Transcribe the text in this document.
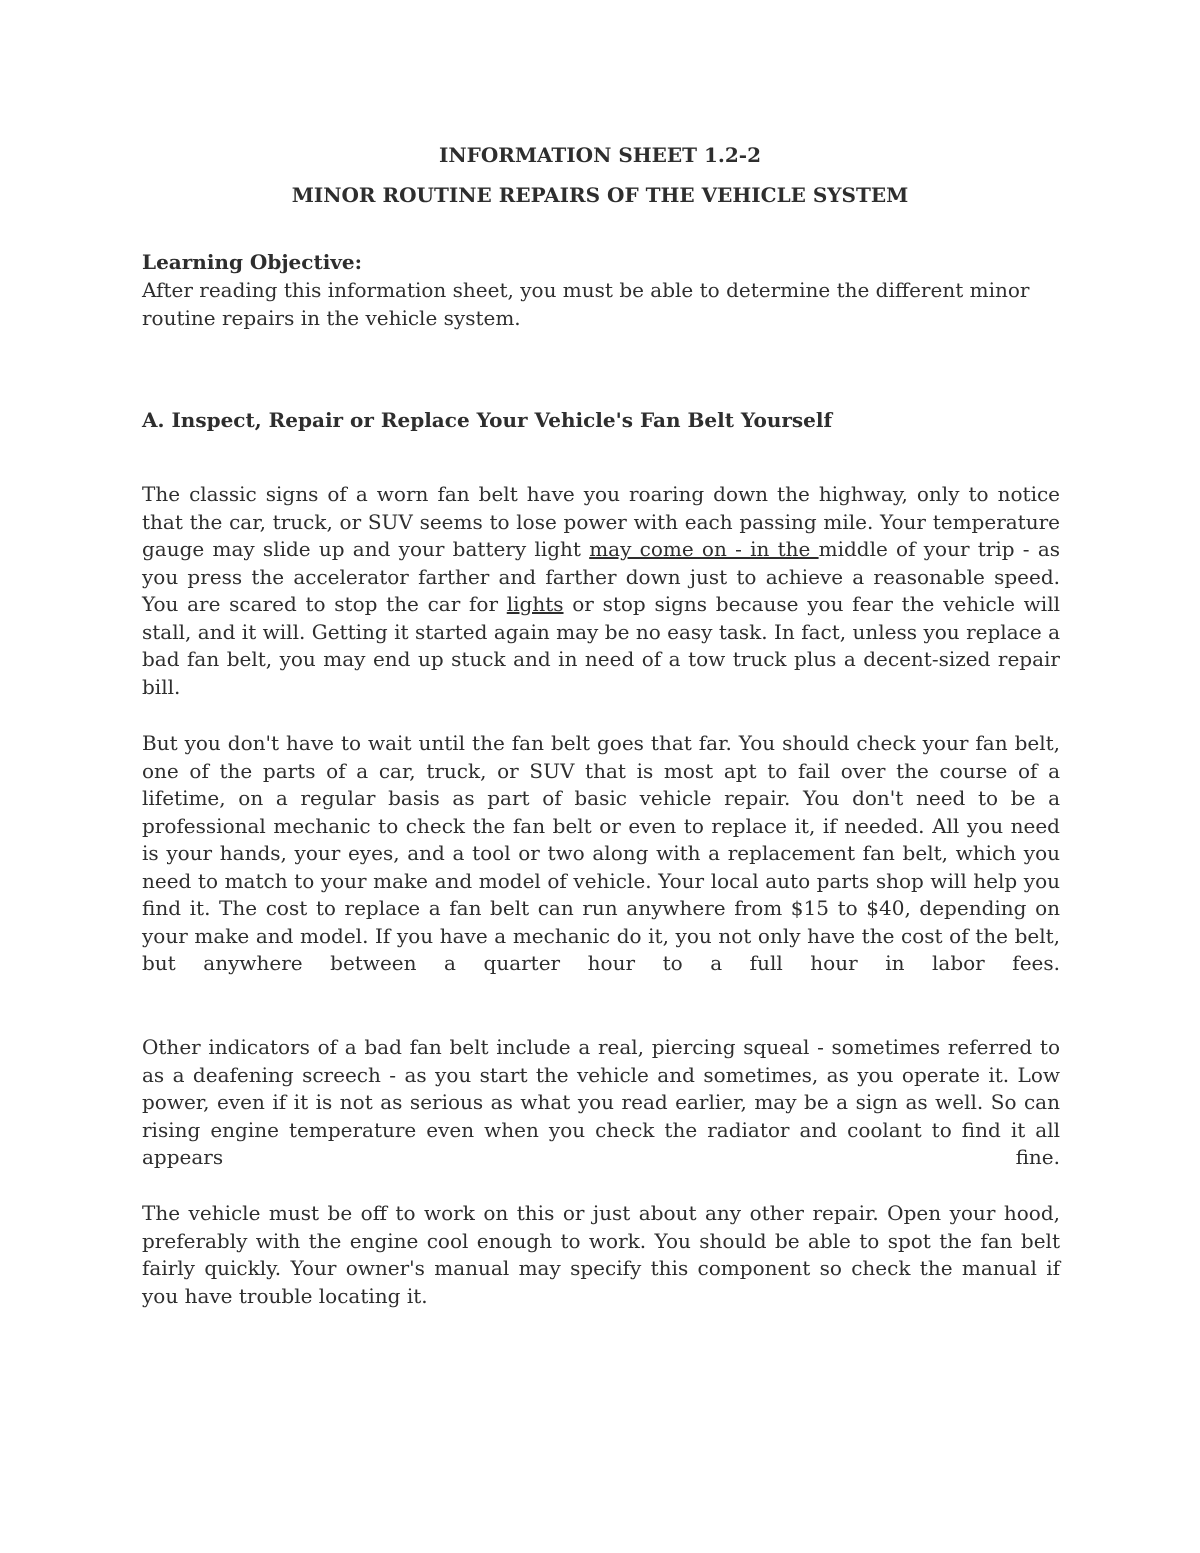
INFORMATION SHEET 1.2-2
MINOR ROUTINE REPAIRS OF THE VEHICLE SYSTEM
Learning Objective:
After reading this information sheet, you must be able to determine the different minor routine repairs in the vehicle system.
A. Inspect, Repair or Replace Your Vehicle's Fan Belt Yourself
The classic signs of a worn fan belt have you roaring down the highway, only to notice that the car, truck, or SUV seems to lose power with each passing mile. Your temperature gauge may slide up and your battery light may come on - in the middle of your trip - as you press the accelerator farther and farther down just to achieve a reasonable speed. You are scared to stop the car for lights or stop signs because you fear the vehicle will stall, and it will. Getting it started again may be no easy task. In fact, unless you replace a bad fan belt, you may end up stuck and in need of a tow truck plus a decent-sized repair bill.
But you don't have to wait until the fan belt goes that far. You should check your fan belt, one of the parts of a car, truck, or SUV that is most apt to fail over the course of a lifetime, on a regular basis as part of basic vehicle repair. You don't need to be a professional mechanic to check the fan belt or even to replace it, if needed. All you need is your hands, your eyes, and a tool or two along with a replacement fan belt, which you need to match to your make and model of vehicle. Your local auto parts shop will help you find it. The cost to replace a fan belt can run anywhere from $15 to $40, depending on your make and model. If you have a mechanic do it, you not only have the cost of the belt, but anywhere between a quarter hour to a full hour in labor fees.
Other indicators of a bad fan belt include a real, piercing squeal - sometimes referred to as a deafening screech - as you start the vehicle and sometimes, as you operate it. Low power, even if it is not as serious as what you read earlier, may be a sign as well. So can rising engine temperature even when you check the radiator and coolant to find it all appears fine.
The vehicle must be off to work on this or just about any other repair. Open your hood, preferably with the engine cool enough to work. You should be able to spot the fan belt fairly quickly. Your owner's manual may specify this component so check the manual if you have trouble locating it.
